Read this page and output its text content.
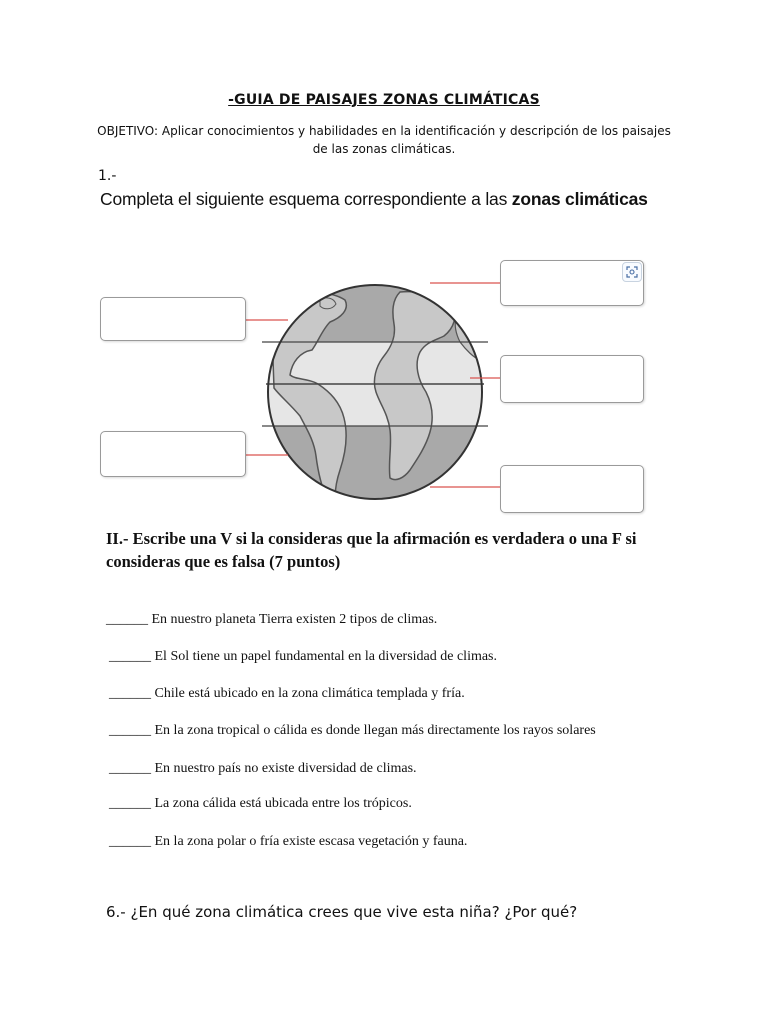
-GUIA DE PAISAJES ZONAS CLIMÁTICAS
OBJETIVO: Aplicar conocimientos y habilidades en la identificación y descripción de los paisajes de las zonas climáticas.
1.-
Completa el siguiente esquema correspondiente a las zonas climáticas
II.- Escribe una V si la consideras que la afirmación es verdadera o una F si consideras que es falsa (7 puntos)
______ En nuestro planeta Tierra existen 2 tipos de climas.
______ El Sol tiene un papel fundamental en la diversidad de climas.
______ Chile está ubicado en la zona climática templada y fría.
______ En la zona tropical o cálida es donde llegan más directamente los rayos solares
______ En nuestro país no existe diversidad de climas.
______ La zona cálida está ubicada entre los trópicos.
______ En la zona polar o fría existe escasa vegetación y fauna.
6.- ¿En qué zona climática crees que vive esta niña? ¿Por qué?
